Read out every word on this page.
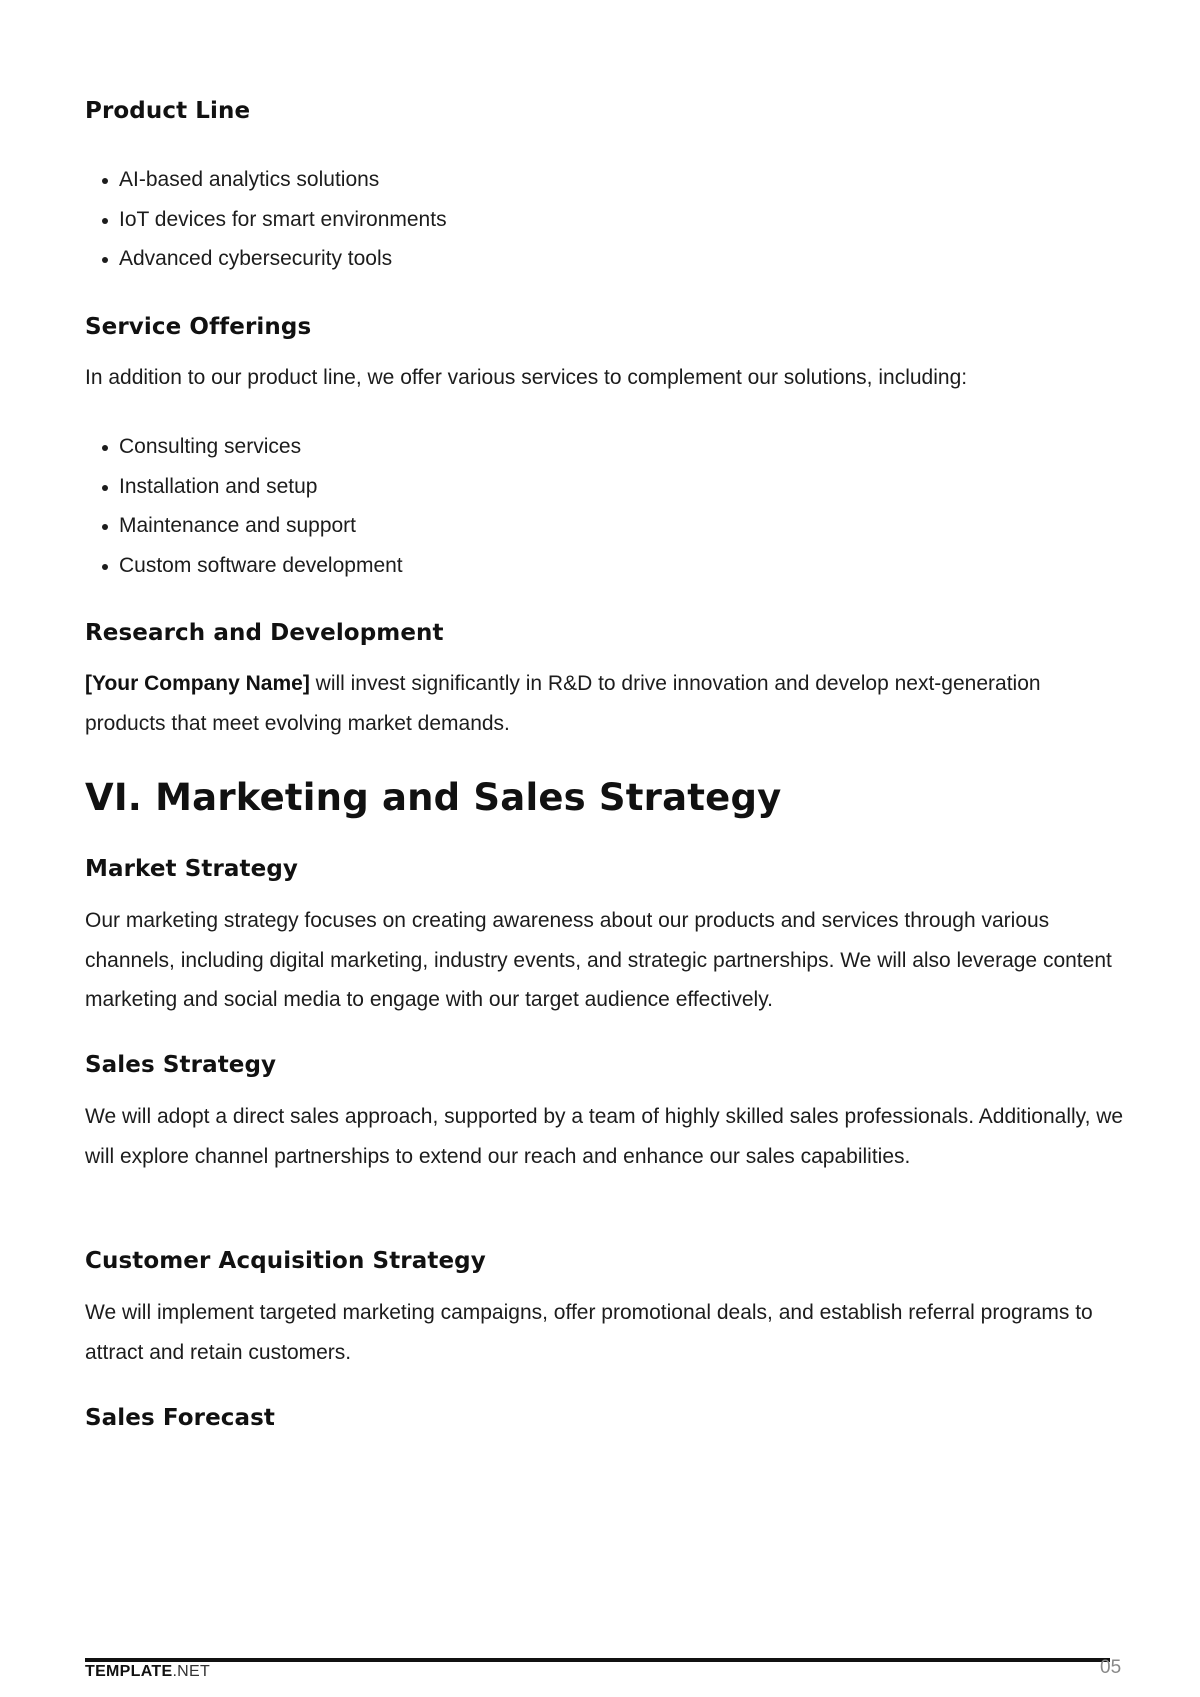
Product Line
AI-based analytics solutions
IoT devices for smart environments
Advanced cybersecurity tools
Service Offerings

In addition to our product line, we offer various services to complement our solutions, including:

Consulting services
Installation and setup
Maintenance and support
Custom software development
Research and Development

[Your Company Name] will invest significantly in R&D to drive innovation and develop next-generation products that meet evolving market demands.

VI. Marketing and Sales Strategy
Market Strategy

Our marketing strategy focuses on creating awareness about our products and services through various channels, including digital marketing, industry events, and strategic partnerships. We will also leverage content marketing and social media to engage with our target audience effectively.

Sales Strategy

We will adopt a direct sales approach, supported by a team of highly skilled sales professionals. Additionally, we will explore channel partnerships to extend our reach and enhance our sales capabilities.

Customer Acquisition Strategy

We will implement targeted marketing campaigns, offer promotional deals, and establish referral programs to attract and retain customers.

Sales Forecast
TEMPLATE.NET	05
